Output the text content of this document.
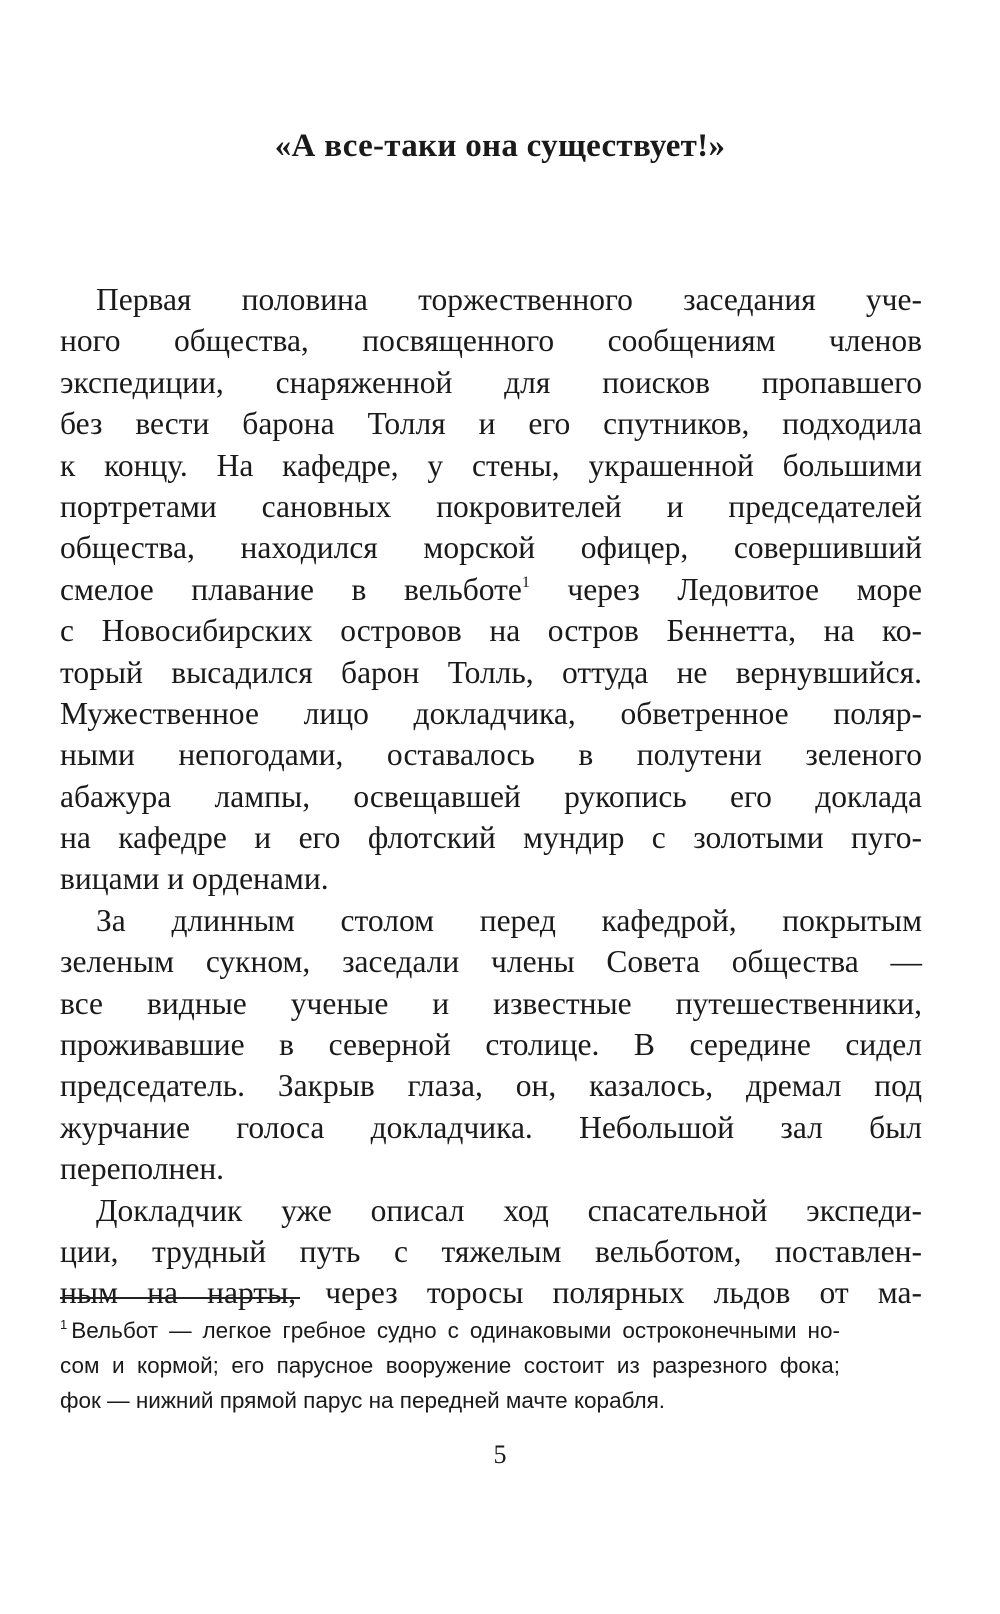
«А все-таки она существует!»
Первая половина торжественного заседания уче-
ного общества, посвященного сообщениям членов
экспедиции, снаряженной для поисков пропавшего
без вести барона Толля и его спутников, подходила
к концу. На кафедре, у стены, украшенной большими
портретами сановных покровителей и председателей
общества, находился морской офицер, совершивший
смелое плавание в вельботе$^1$ через Ледовитое море
с Новосибирских островов на остров Беннетта, на ко-
торый высадился барон Толль, оттуда не вернувшийся.
Мужественное лицо докладчика, обветренное поляр-
ными непогодами, оставалось в полутени зеленого
абажура лампы, освещавшей рукопись его доклада
на кафедре и его флотский мундир с золотыми пуго-
вицами и орденами.
За длинным столом перед кафедрой, покрытым
зеленым сукном, заседали члены Совета общества —
все видные ученые и известные путешественники,
проживавшие в северной столице. В середине сидел
председатель. Закрыв глаза, он, казалось, дремал под
журчание голоса докладчика. Небольшой зал был
переполнен.
Докладчик уже описал ход спасательной экспеди-
ции, трудный путь с тяжелым вельботом, поставлен-
ным на нарты, через торосы полярных льдов от ма-
$^1$ Вельбот — легкое гребное судно с одинаковыми остроконечными но-
сом и кормой; его парусное вооружение состоит из разрезного фока;
фок — нижний прямой парус на передней мачте корабля.
5
